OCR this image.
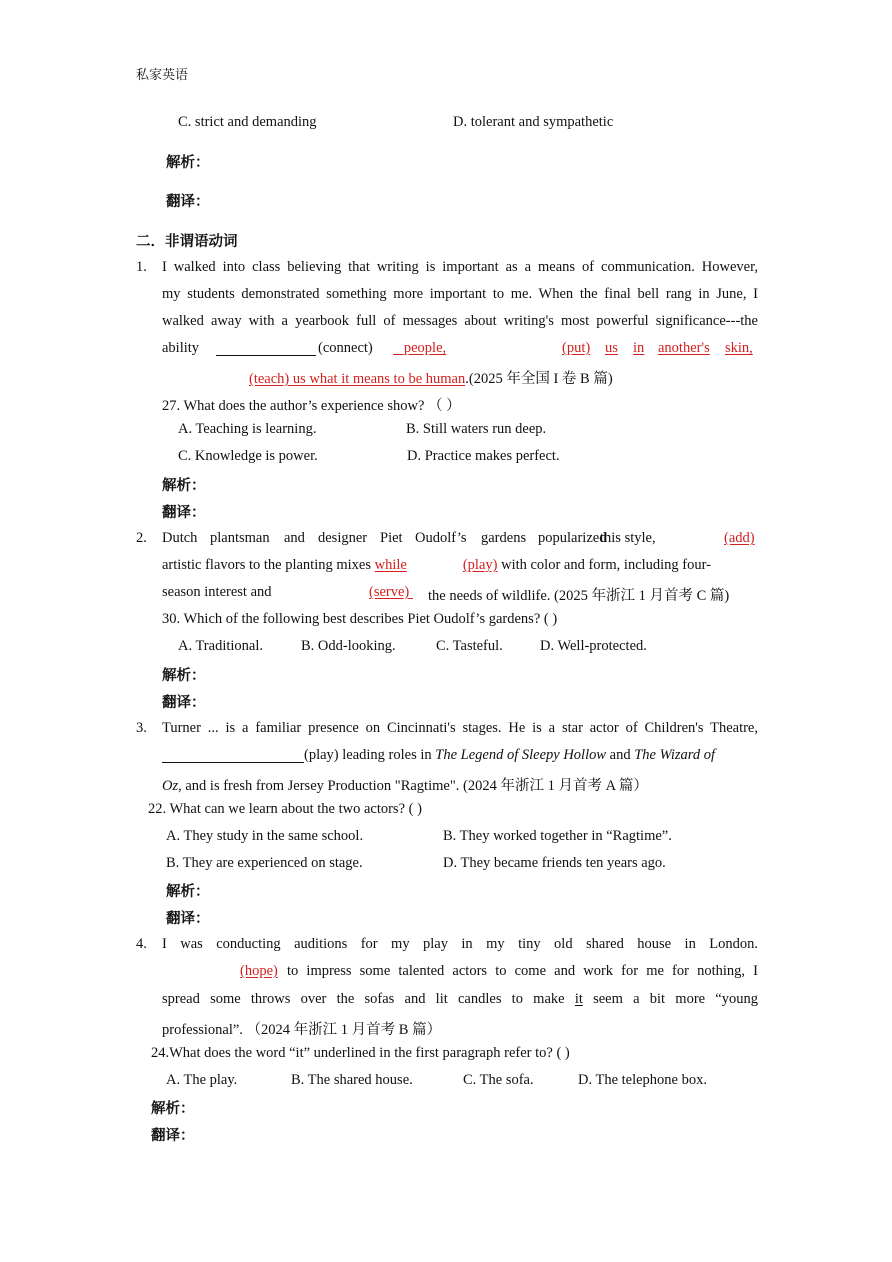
私家英语
C. strict and demanding	D. tolerant and sympathetic
解析：
翻译：
二．非谓语动词
1. I walked into class believing that writing is important as a means of communication. However,
my students demonstrated something more important to me. When the final bell rang in June, I
walked away with a yearbook full of messages about writing's most powerful significance---the
ability	(connect)	people,	(put) us in another's skin,
(teach) us what it means to be human.(2025 年全国 I 卷 B 篇)
27. What does the author’s experience show? （ ）
A. Teaching is learning.	B. Still waters run deep.
C. Knowledge is power.	D. Practice makes perfect.
解析：
翻译：
2. Dutch plantsman and designer Piet Oudolf’s gardens popularized
this style,	(add)
artistic flavors to the planting mixes while	(play) with color and form, including four-
season interest and	(serve) the needs of wildlife. (2025 年浙江 1 月首考 C 篇)
30. Which of the following best describes Piet Oudolf’s gardens? ( )
A. Traditional.	B. Odd-looking.	C. Tasteful.	D. Well-protected.
解析：
翻译：
3. Turner ... is a familiar presence on Cincinnati's stages. He is a star actor of Children's Theatre,
(play) leading roles in The Legend of Sleepy Hollow and The Wizard of
Oz, and is fresh from Jersey Production "Ragtime". (2024 年浙江 1 月首考 A 篇）
22. What can we learn about the two actors? ( )
A. They study in the same school.	B. They worked together in “Ragtime”.
B. They are experienced on stage.	D. They became friends ten years ago.
解析：
翻译：
4. I was conducting auditions for my play in my tiny old shared house in London.
(hope) to impress some talented actors to come and work for me for nothing, I
spread some throws over the sofas and lit candles to make it seem a bit more “young
professional”. （2024 年浙江 1 月首考 B 篇）
24.What does the word “it” underlined in the first paragraph refer to? ( )
A. The play.	B. The shared house.	C. The sofa.	D. The telephone box.
解析：
翻译：
